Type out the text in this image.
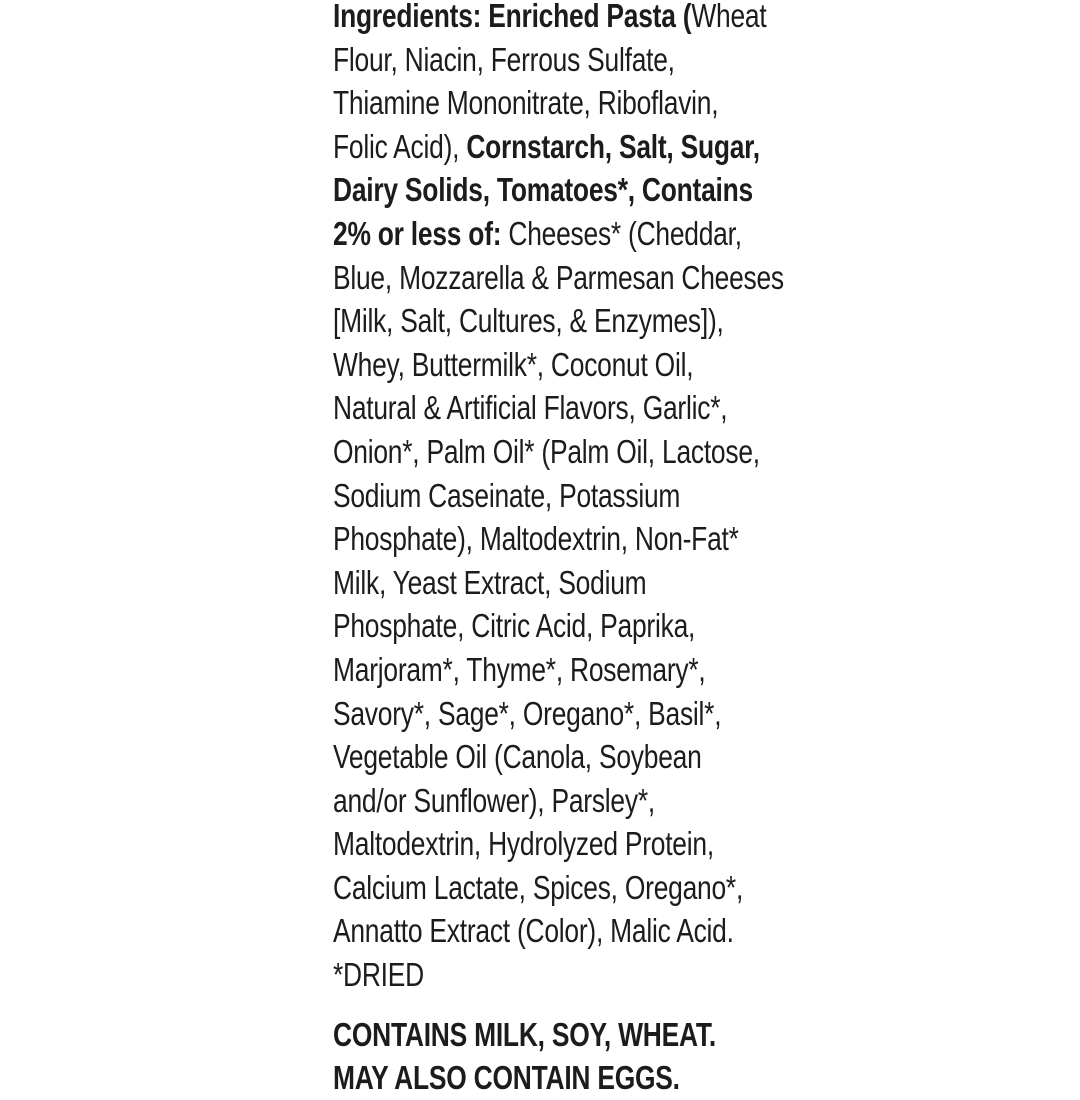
Ingredients: Enriched Pasta (Wheat
Flour, Niacin, Ferrous Sulfate,
Thiamine Mononitrate, Riboflavin,
Folic Acid), Cornstarch, Salt, Sugar,
Dairy Solids, Tomatoes*, Contains
2% or less of: Cheeses* (Cheddar,
Blue, Mozzarella & Parmesan Cheeses
[Milk, Salt, Cultures, & Enzymes]),
Whey, Buttermilk*, Coconut Oil,
Natural & Artificial Flavors, Garlic*,
Onion*, Palm Oil* (Palm Oil, Lactose,
Sodium Caseinate, Potassium
Phosphate), Maltodextrin, Non-Fat*
Milk, Yeast Extract, Sodium
Phosphate, Citric Acid, Paprika,
Marjoram*, Thyme*, Rosemary*,
Savory*, Sage*, Oregano*, Basil*,
Vegetable Oil (Canola, Soybean
and/or Sunflower), Parsley*,
Maltodextrin, Hydrolyzed Protein,
Calcium Lactate, Spices, Oregano*,
Annatto Extract (Color), Malic Acid.
*DRIED
CONTAINS MILK, SOY, WHEAT.
MAY ALSO CONTAIN EGGS.
